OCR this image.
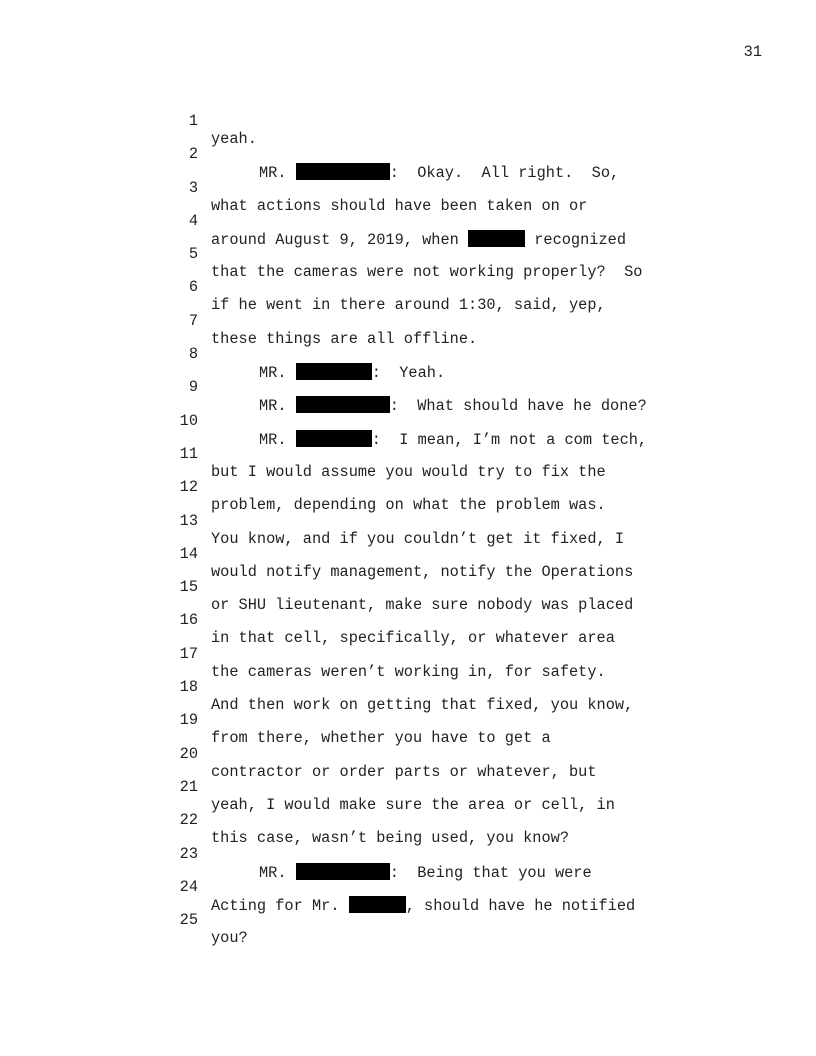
31

1

yeah.

2

MR.	:  Okay.  All right.  So,

3

what actions should have been taken on or

4

around August 9, 2019, when	recognized

5

that the cameras were not working properly?  So

6

if he went in there around 1:30, said, yep,

7

these things are all offline.

8

MR.	:  Yeah.

9

MR.	:  What should have he done?

10

MR.	:  I mean, I’m not a com tech,

11

but I would assume you would try to fix the

12

problem, depending on what the problem was.

13

You know, and if you couldn’t get it fixed, I

14

would notify management, notify the Operations

15

or SHU lieutenant, make sure nobody was placed

16

in that cell, specifically, or whatever area

17

the cameras weren’t working in, for safety.

18

And then work on getting that fixed, you know,

19

from there, whether you have to get a

20

contractor or order parts or whatever, but

21

yeah, I would make sure the area or cell, in

22

this case, wasn’t being used, you know?

23

MR.	:  Being that you were

24

Acting for Mr.	, should have he notified

25

you?
